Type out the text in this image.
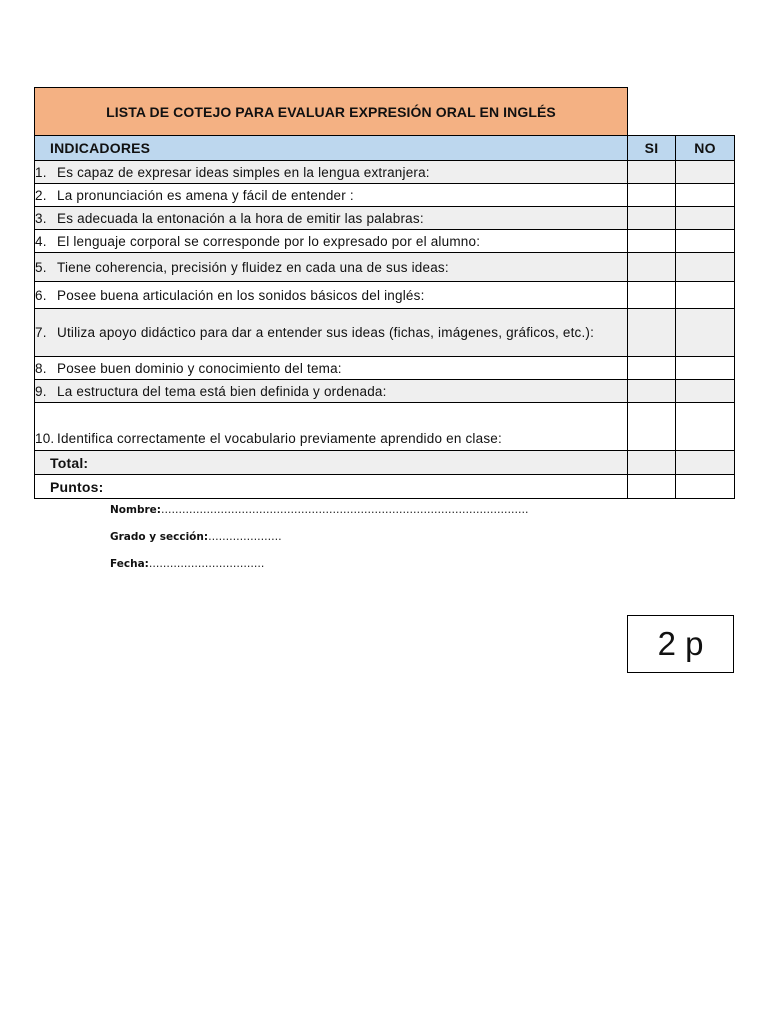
LISTA DE COTEJO PARA EVALUAR EXPRESIÓN ORAL EN INGLÉS
INDICADORES	SI	NO

1. Es capaz de expresar ideas simples en la lengua extranjera:		

2. La pronunciación es amena y fácil de entender :		

3. Es adecuada la entonación a la hora de emitir las palabras:		

4. El lenguaje corporal se corresponde por lo expresado por el alumno:		

5. Tiene coherencia, precisión y fluidez en cada una de sus ideas:		

6. Posee buena articulación en los sonidos básicos del inglés:		

7. Utiliza apoyo didáctico para dar a entender sus ideas (fichas, imágenes, gráficos, etc.):		

8. Posee buen dominio y conocimiento del tema:		

9. La estructura del tema está bien definida y ordenada:		

10. Identifica correctamente el vocabulario previamente aprendido en clase:		

Total:		
Puntos:		
Nombre:……………………………………………………………………………………………
Grado y sección:…………………
Fecha:……………………………
2 p
